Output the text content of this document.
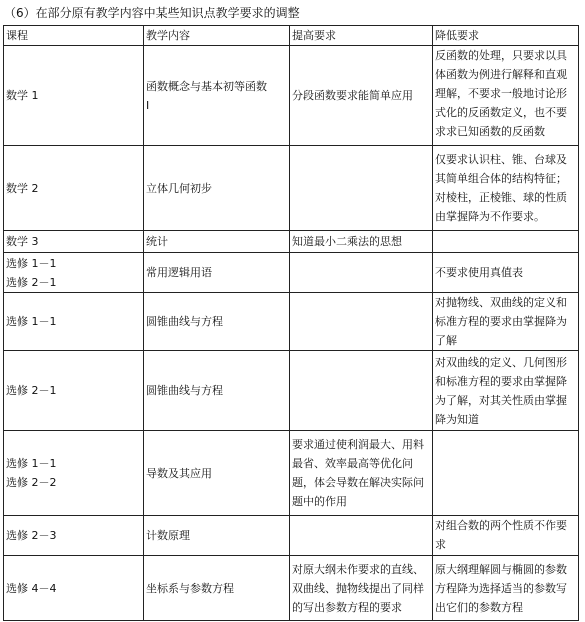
（6）在部分原有教学内容中某些知识点教学要求的调整
课程	教学内容	提高要求	降低要求

数学 1	函数概念与基本初等函数
Ⅰ	分段函数要求能简单应用	反函数的处理，只要求以具体函数为例进行解释和直观理解，不要求一般地讨论形式化的反函数定义，也不要求求已知函数的反函数

数学 2	立体几何初步		仅要求认识柱、锥、台球及其简单组合体的结构特征；对棱柱，正棱锥、球的性质由掌握降为不作要求。

数学 3	统计	知道最小二乘法的思想	

选修 1－1
选修 2－1	常用逻辑用语		不要求使用真值表

选修 1－1	圆锥曲线与方程		对抛物线、双曲线的定义和标准方程的要求由掌握降为了解

选修 2－1	圆锥曲线与方程		对双曲线的定义、几何图形和标准方程的要求由掌握降为了解，对其关性质由掌握降为知道

选修 1－1
选修 2－2	导数及其应用	要求通过使利润最大、用料最省、效率最高等优化问题，体会导数在解决实际问题中的作用	

选修 2－3	计数原理		对组合数的两个性质不作要求

选修 4－4	坐标系与参数方程	对原大纲未作要求的直线、双曲线、抛物线提出了同样的写出参数方程的要求	原大纲理解圆与椭圆的参数方程降为选择适当的参数写出它们的参数方程
